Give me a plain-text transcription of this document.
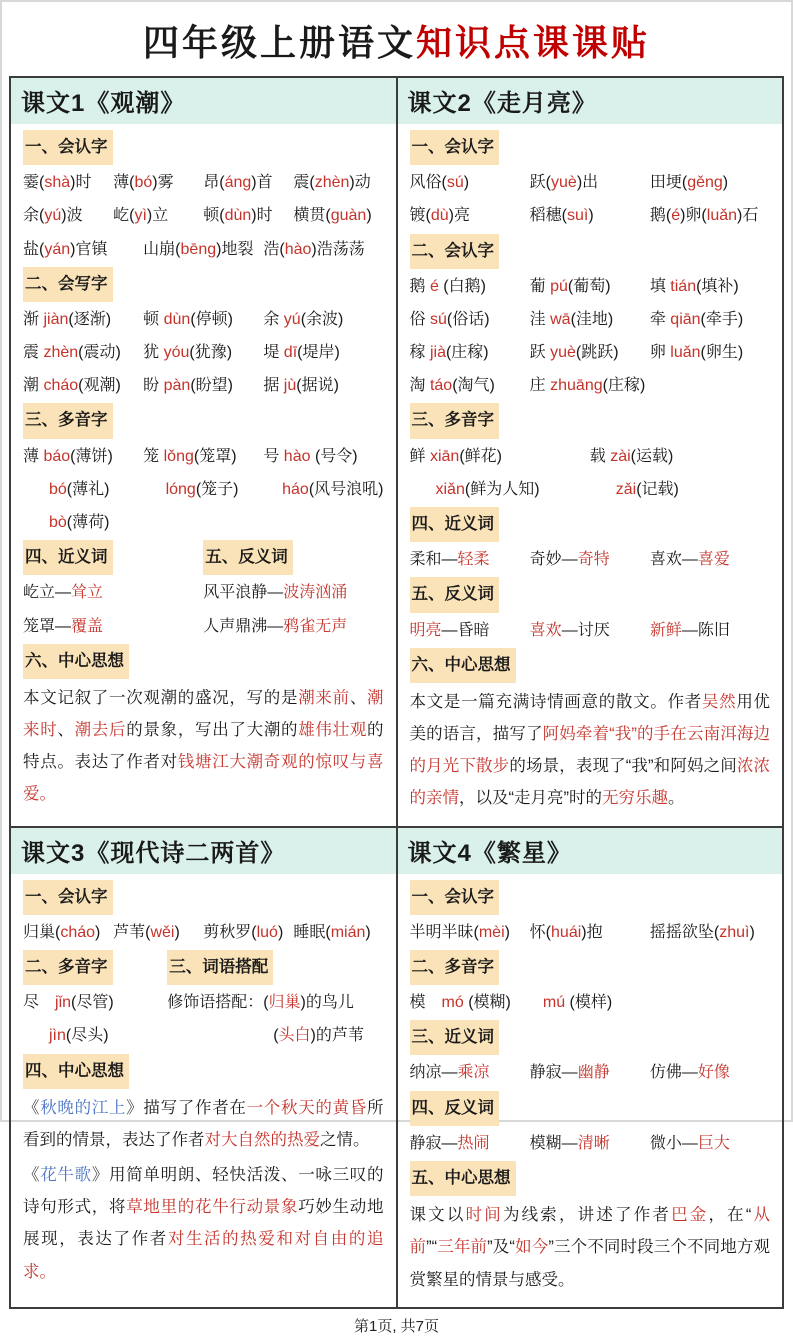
四年级上册语文知识点课课贴
课文1《观潮》
一、会认字
霎(shà)时	薄(bó)雾	昂(áng)首	震(zhèn)动
余(yú)波	屹(yì)立	顿(dùn)时	横贯(guàn)
盐(yán)官镇	山崩(bēng)地裂 浩(hào)浩荡荡
二、会写字
渐 jiàn(逐渐)	顿 dùn(停顿)	余 yú(余波)
震 zhèn(震动)	犹 yóu(犹豫)	堤 dī(堤岸)
潮 cháo(观潮)	盼 pàn(盼望)	据 jù(据说)
三、多音字
薄 báo(薄饼)	笼 lǒng(笼罩)	号 hào (号令)
bó(薄礼)	lóng(笼子)	háo(风号浪吼)
bò(薄荷)
四、近义词	五、反义词
屹立—耸立	风平浪静—波涛汹涌
笼罩—覆盖	人声鼎沸—鸦雀无声
六、中心思想
本文记叙了一次观潮的盛况，写的是潮来前、潮来时、潮去后的景象，写出了大潮的雄伟壮观的特点。表达了作者对钱塘江大潮奇观的惊叹与喜爱。
课文2《走月亮》
一、会认字
风俗(sú)	跃(yuè)出	田埂(gěng)
镀(dù)亮	稻穗(suì)	鹅(é)卵(luǎn)石
二、会认字
鹅 é (白鹅)	葡 pú(葡萄)	填 tián(填补)
俗 sú(俗话)	洼 wā(洼地)	牵 qiān(牵手)
稼 jià(庄稼)	跃 yuè(跳跃)	卵 luǎn(卵生)
淘 táo(淘气)	庄 zhuāng(庄稼)
三、多音字
鲜 xiān(鲜花)	载 zài(运载)
xiǎn(鲜为人知)	zǎi(记载)
四、近义词
柔和—轻柔	奇妙—奇特	喜欢—喜爱
五、反义词
明亮—昏暗	喜欢—讨厌	新鲜—陈旧
六、中心思想
本文是一篇充满诗情画意的散文。作者吴然用优美的语言，描写了阿妈牵着“我”的手在云南洱海边的月光下散步的场景，表现了“我”和阿妈之间浓浓的亲情，以及“走月亮”时的无穷乐趣。
课文3《现代诗二两首》
一、会认字
归巢(cháo) 芦苇(wěi)	剪秋罗(luó) 睡眠(mián)
二、多音字	三、词语搭配
尽　jǐn(尽管)	修饰语搭配：(归巢)的鸟儿
jìn(尽头)	　　　　　(头白)的芦苇
四、中心思想
《秋晚的江上》描写了作者在一个秋天的黄昏所看到的情景，表达了作者对大自然的热爱之情。
《花牛歌》用简单明朗、轻快活泼、一咏三叹的诗句形式，将草地里的花牛行动景象巧妙生动地展现，表达了作者对生活的热爱和对自由的追求。
课文4《繁星》
一、会认字
半明半昧(mèi)	怀(huái)抱	摇摇欲坠(zhuì)
二、多音字
模　mó (模糊)　　mú (模样)
三、近义词
纳凉—乘凉	静寂—幽静	仿佛—好像
四、反义词
静寂—热闹	模糊—清晰	微小—巨大
五、中心思想
课文以时间为线索，讲述了作者巴金，在“从前”“三年前”及“如今”三个不同时段三个不同地方观赏繁星的情景与感受。
第1页, 共7页
